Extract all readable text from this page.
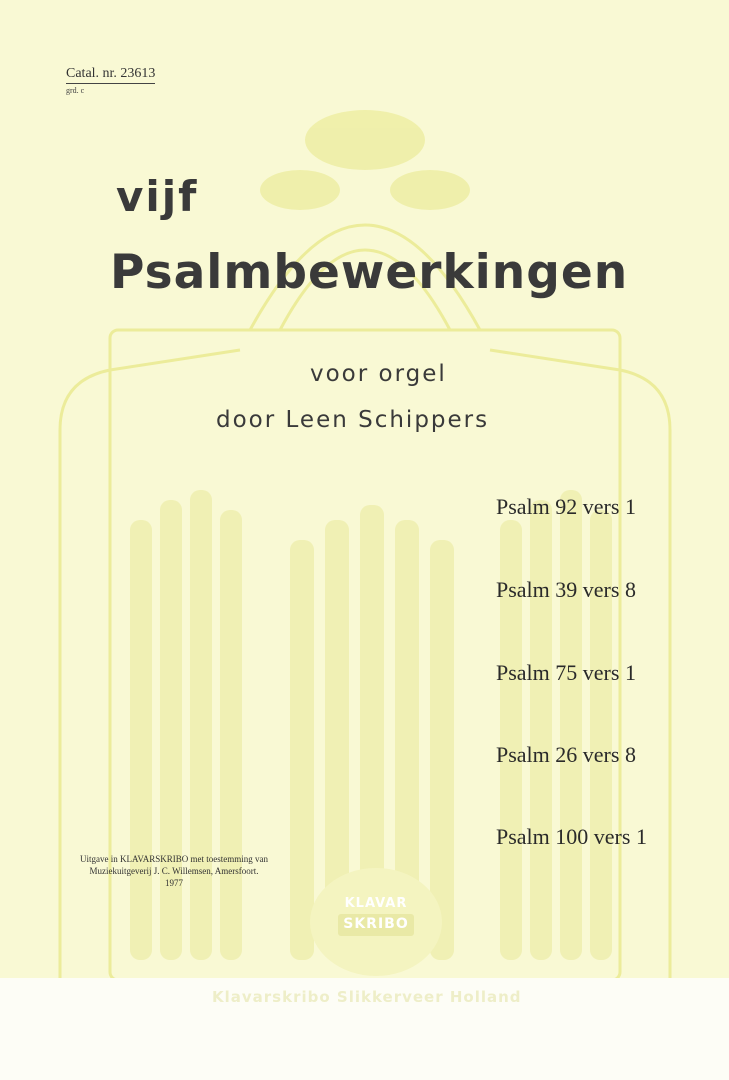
Catal. nr. 23613
grd. c
vijf
Psalmbewerkingen
voor orgel
door Leen Schippers
Psalm 92 vers 1
Psalm 39 vers 8
Psalm 75 vers 1
Psalm 26 vers 8
Psalm 100 vers 1
Uitgave in KLAVARSKRIBO met toestemming van
Muziekuitgeverij J. C. Willemsen, Amersfoort.
1977
KLAVAR
SKRIBO
Klavarskribo Slikkerveer Holland
